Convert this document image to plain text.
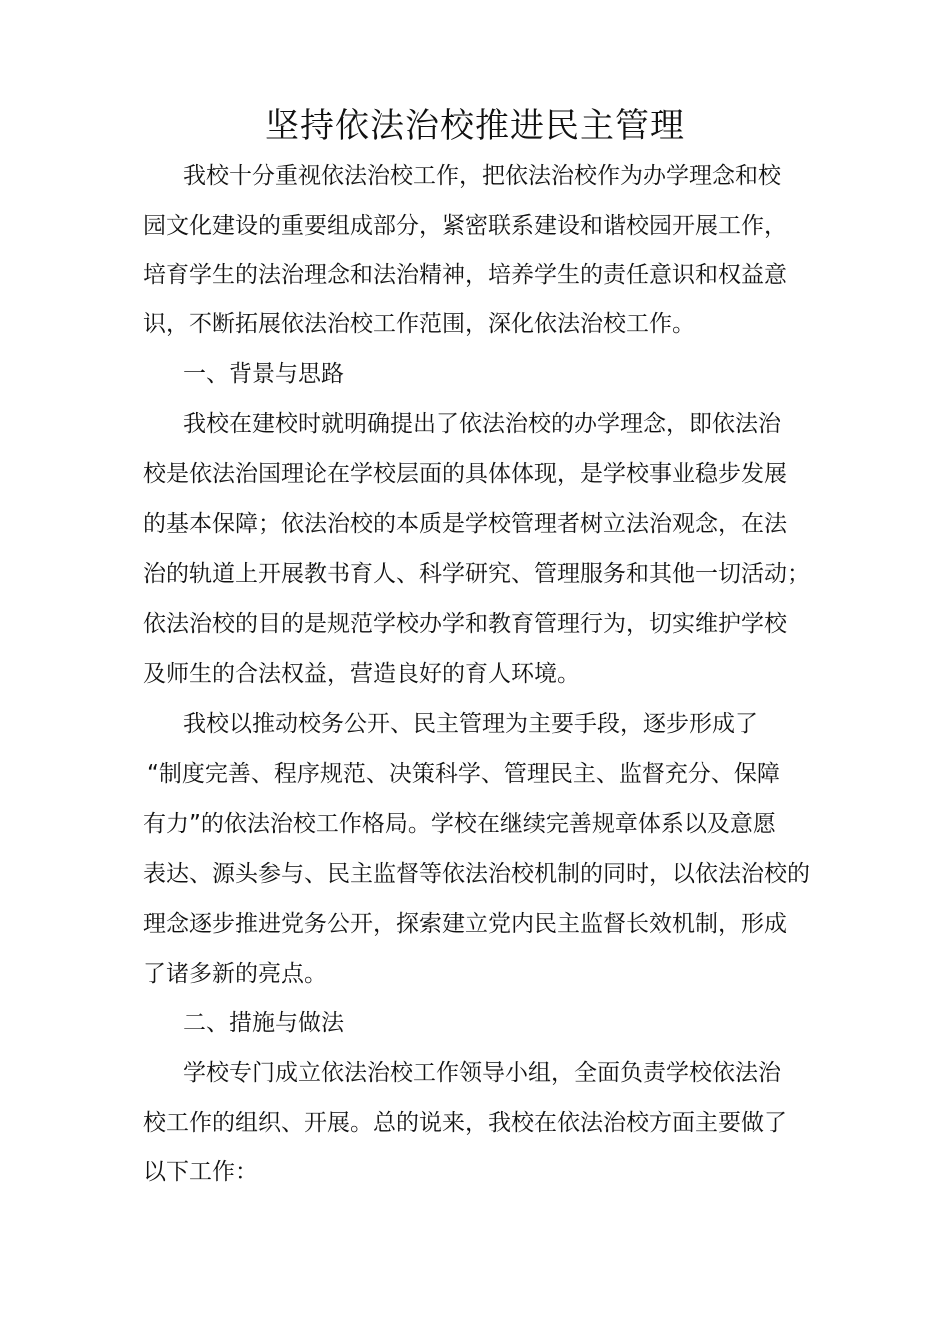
坚持依法治校推进民主管理
我校十分重视依法治校工作，把依法治校作为办学理念和校
园文化建设的重要组成部分，紧密联系建设和谐校园开展工作，
培育学生的法治理念和法治精神，培养学生的责任意识和权益意
识，不断拓展依法治校工作范围，深化依法治校工作。
一、背景与思路
我校在建校时就明确提出了依法治校的办学理念，即依法治
校是依法治国理论在学校层面的具体体现，是学校事业稳步发展
的基本保障；依法治校的本质是学校管理者树立法治观念，在法
治的轨道上开展教书育人、科学研究、管理服务和其他一切活动；
依法治校的目的是规范学校办学和教育管理行为，切实维护学校
及师生的合法权益，营造良好的育人环境。
我校以推动校务公开、民主管理为主要手段，逐步形成了
“制度完善、程序规范、决策科学、管理民主、监督充分、保障
有力”的依法治校工作格局。学校在继续完善规章体系以及意愿
表达、源头参与、民主监督等依法治校机制的同时，以依法治校的
理念逐步推进党务公开，探索建立党内民主监督长效机制，形成
了诸多新的亮点。
二、措施与做法
学校专门成立依法治校工作领导小组，全面负责学校依法治
校工作的组织、开展。总的说来，我校在依法治校方面主要做了
以下工作：
